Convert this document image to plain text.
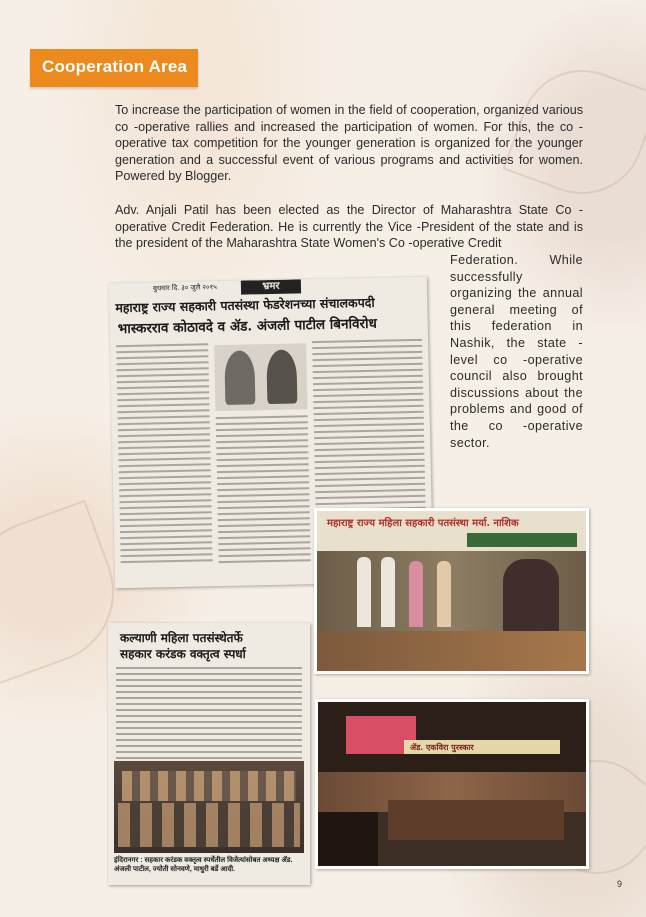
Cooperation Area
To increase the participation of women in the field of cooperation, organized various co -operative rallies and increased the participation of women. For this, the co -operative tax competition for the younger generation is organized for the younger generation and a successful event of various programs and activities for women. Powered by Blogger.
Adv. Anjali Patil has been elected as the Director of Maharashtra State Co - operative Credit Federation. He is currently the Vice -President of the state and is the president of the Maharashtra State Women's Co -operative Credit
Federation. While successfully organizing the annual general meeting of this federation in Nashik, the state - level co -operative council also brought discussions about the problems and good of the co -operative sector.
बुधवार दि. ३० जुलै २०१५	भ्रमर
महाराष्ट्र राज्य सहकारी पतसंस्था फेडरेशनच्या संचालकपदी
भास्करराव कोठावदे व ॲड. अंजली पाटील बिनविरोध
कल्याणी महिला पतसंस्थेतर्फे
सहकार करंडक वक्तृत्व स्पर्धा
इंदिरानगर : सहकार करंडक वक्तृत्व स्पर्धेतील विजेत्यांसोबत अध्यक्ष ॲड. अंजली पाटील, ज्योती सोनवणे, माधुरी बर्डे आदी.
महाराष्ट्र राज्य महिला सहकारी पतसंस्था मर्या. नाशिक
ॲड. एकविरा पुरस्कार
9
